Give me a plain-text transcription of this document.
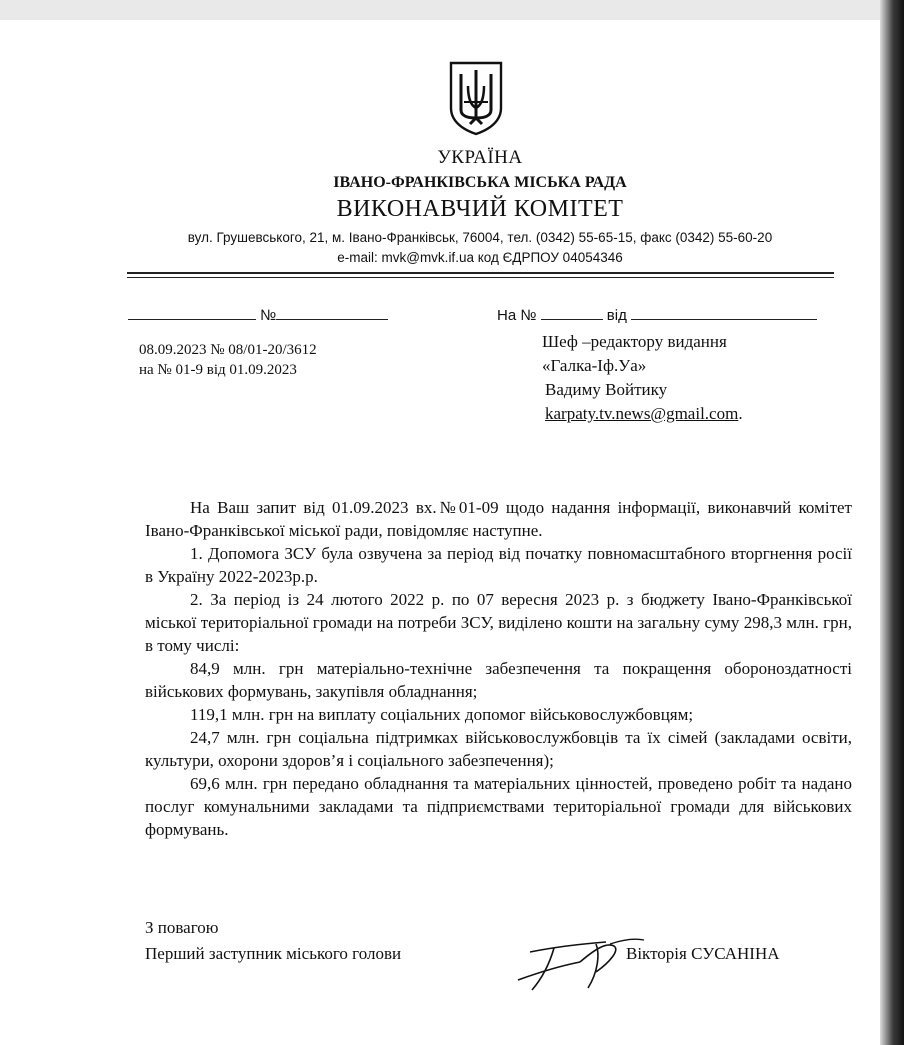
УКРАЇНА
ІВАНО-ФРАНКІВСЬКА МІСЬКА РАДА
ВИКОНАВЧИЙ КОМІТЕТ
вул. Грушевського, 21, м. Івано-Франківськ, 76004, тел. (0342) 55-65-15, факс (0342) 55-60-20
e-mail: mvk@mvk.if.ua код ЄДРПОУ 04054346
№	На №	від
08.09.2023 № 08/01-20/3612
на № 01-9 від 01.09.2023
Шеф –редактору видання
«Галка-Іф.Уа»
Вадиму Войтику
karpaty.tv.news@gmail.com.

На Ваш запит від 01.09.2023 вх.№01-09 щодо надання інформації, виконавчий комітет Івано-Франківської міської ради, повідомляє наступне.

1. Допомога ЗСУ була озвучена за період від початку повномасштабного вторгнення росії в Україну 2022-2023р.р.

2. За період із 24 лютого 2022 р. по 07 вересня 2023 р. з бюджету Івано-Франківської міської територіальної громади на потреби ЗСУ, виділено кошти на загальну суму 298,3 млн. грн, в тому числі:

84,9 млн. грн матеріально-технічне забезпечення та покращення обороноздатності військових формувань, закупівля обладнання;

119,1 млн. грн на виплату соціальних допомог військовослужбовцям;

24,7 млн. грн соціальна підтримках військовослужбовців та їх сімей (закладами освіти, культури, охорони здоров’я і соціального забезпечення);

69,6 млн. грн передано обладнання та матеріальних цінностей, проведено робіт та надано послуг комунальними закладами та підприємствами територіальної громади для військових формувань.

З повагою
Перший заступник міського голови	Вікторія СУСАНІНА
